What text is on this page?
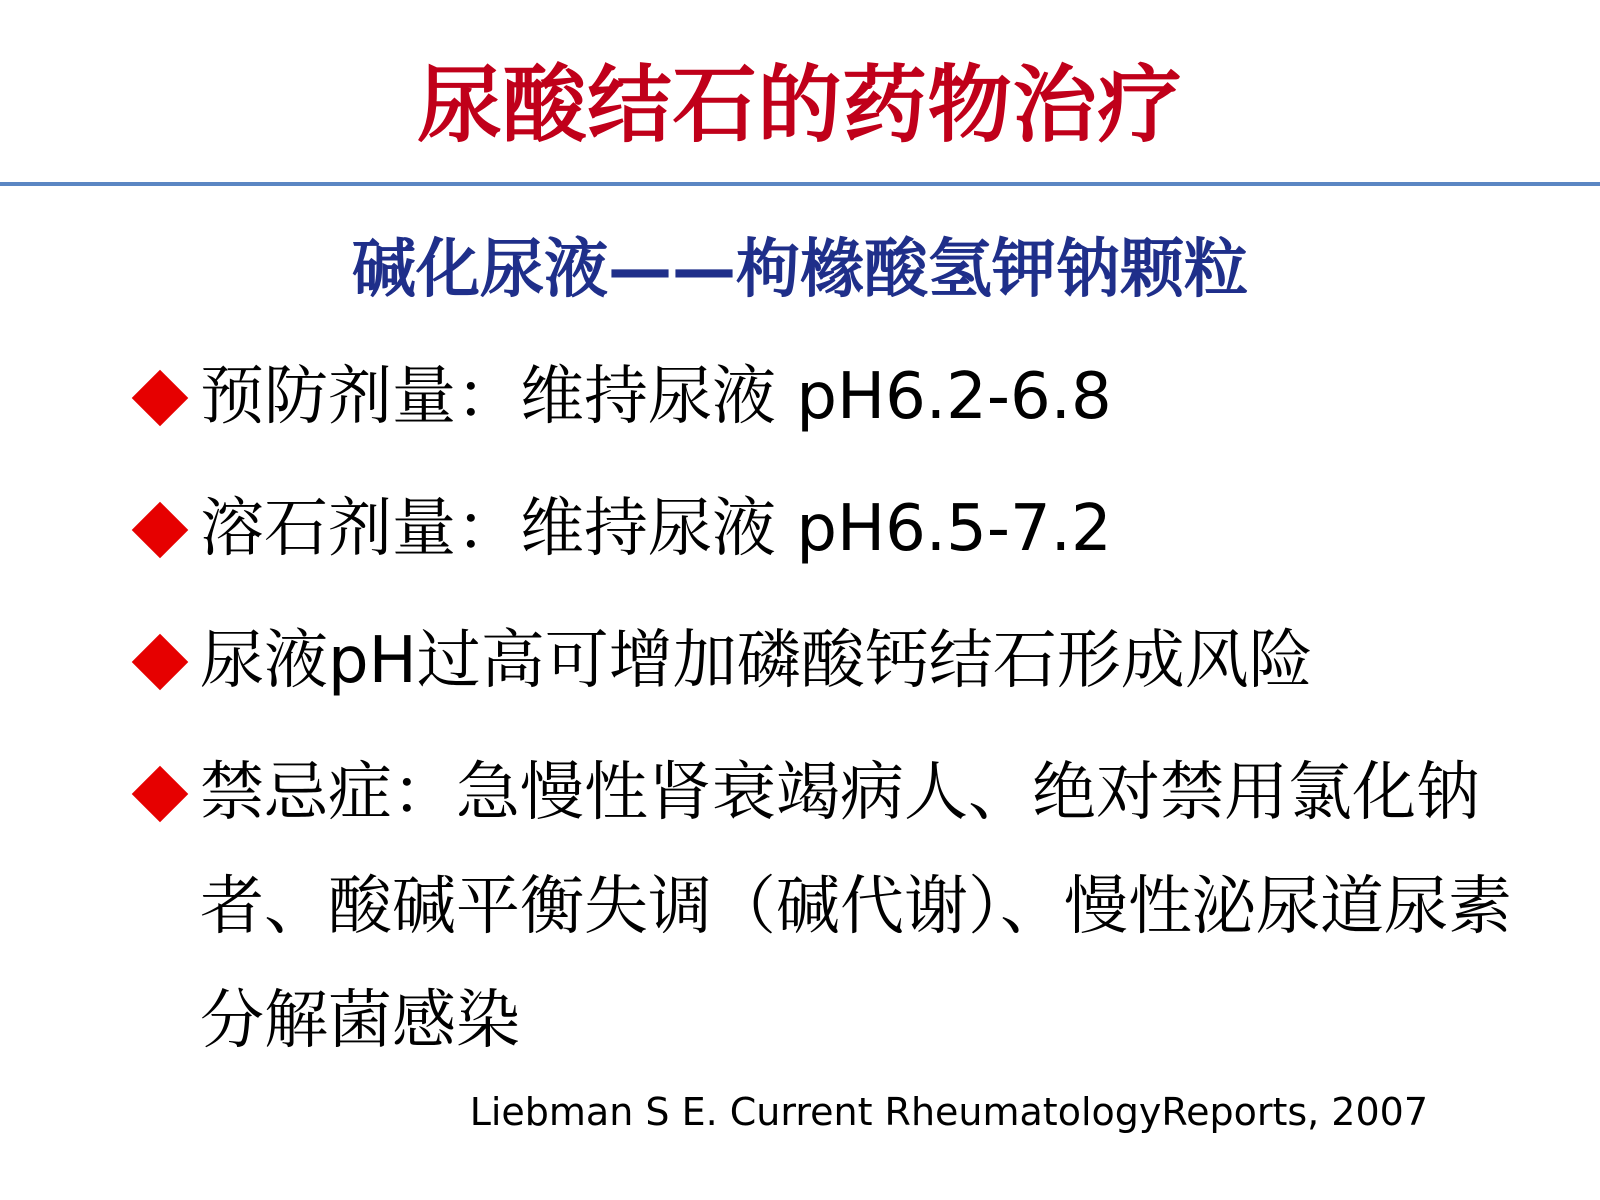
尿酸结石的药物治疗
碱化尿液——枸橼酸氢钾钠颗粒
预防剂量：维持尿液 pH6.2-6.8
溶石剂量：维持尿液 pH6.5-7.2
尿液pH过高可增加磷酸钙结石形成风险
禁忌症：急慢性肾衰竭病人、绝对禁用氯化钠者、酸碱平衡失调（碱代谢）、慢性泌尿道尿素分解菌感染
Liebman S E. Current RheumatologyReports, 2007
